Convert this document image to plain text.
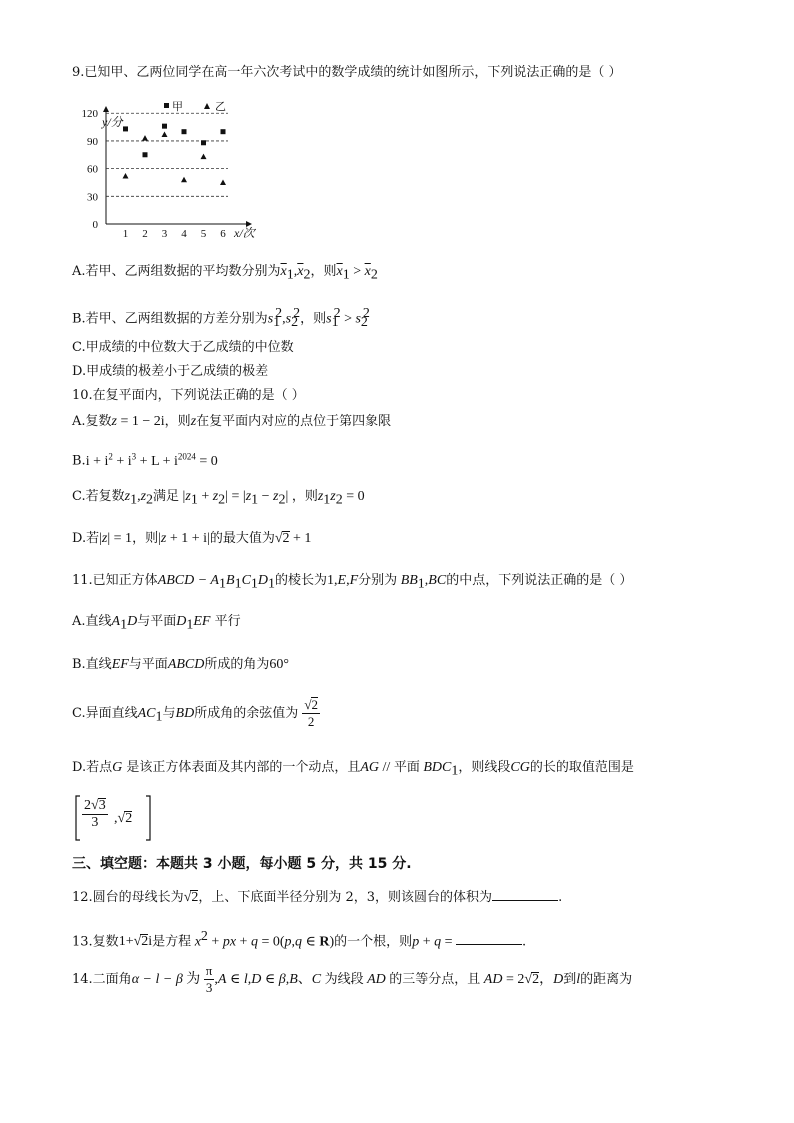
9.已知甲、乙两位同学在高一年六次考试中的数学成绩的统计如图所示，下列说法正确的是（ ）
0
30
60
90
120
1 2 3 4 5 6
y/分
x/次
甲	乙
A.若甲、乙两组数据的平均数分别为$\overline{x}_1,\overline{x}_2$，则$\overline{x}_1 > \overline{x}_2$
B.若甲、乙两组数据的方差分别为$s_1^2,s_2^2$，则$s_1^2 > s_2^2$
C.甲成绩的中位数大于乙成绩的中位数
D.甲成绩的极差小于乙成绩的极差
10.在复平面内，下列说法正确的是（ ）
A.复数z = 1 − 2i，则z在复平面内对应的点位于第四象限
$B.i + i^2 + i^3 + L + i^{2024} = 0$
C.若复数$z_1,z_2$满足 $|z_1 + z_2| = |z_1 - z_2|$ ，则$z_1z_2 = 0$
D.若|z| = 1，则|z + 1 + i|的最大值为√2 + 1
11.已知正方体ABCD − $A_1B_1C_1D_1$的棱长为1,E,F分别为 $BB_1,BC$的中点，下列说法正确的是（ ）
A.直线$A_1D$与平面$D_1EF$ 平行
B.直线EF与平面ABCD所成的角为60°
C.异面直线$AC_1$与BD所成角的余弦值为 $\frac{√2}{2}$
D.若点G 是该正方体表面及其内部的一个动点，且AG // 平面 $BDC_1$，则线段CG的长的取值范围是
$\frac{2√3}{3} ,√2$
三、填空题：本题共 3 小题，每小题 5 分，共 15 分.
12.圆台的母线长为√2，上、下底面半径分别为 2，3，则该圆台的体积为	.
13.复数1+√2i是方程 $x^2$ + px + q = 0(p,q ∈ R)的一个根，则p + q =	.
14.二面角α − l − β 为 $\frac{\pi}{3} ,A$ ∈ l,D ∈ β,B、C 为线段 AD 的三等分点，且 AD = 2√2，D到l的距离为
